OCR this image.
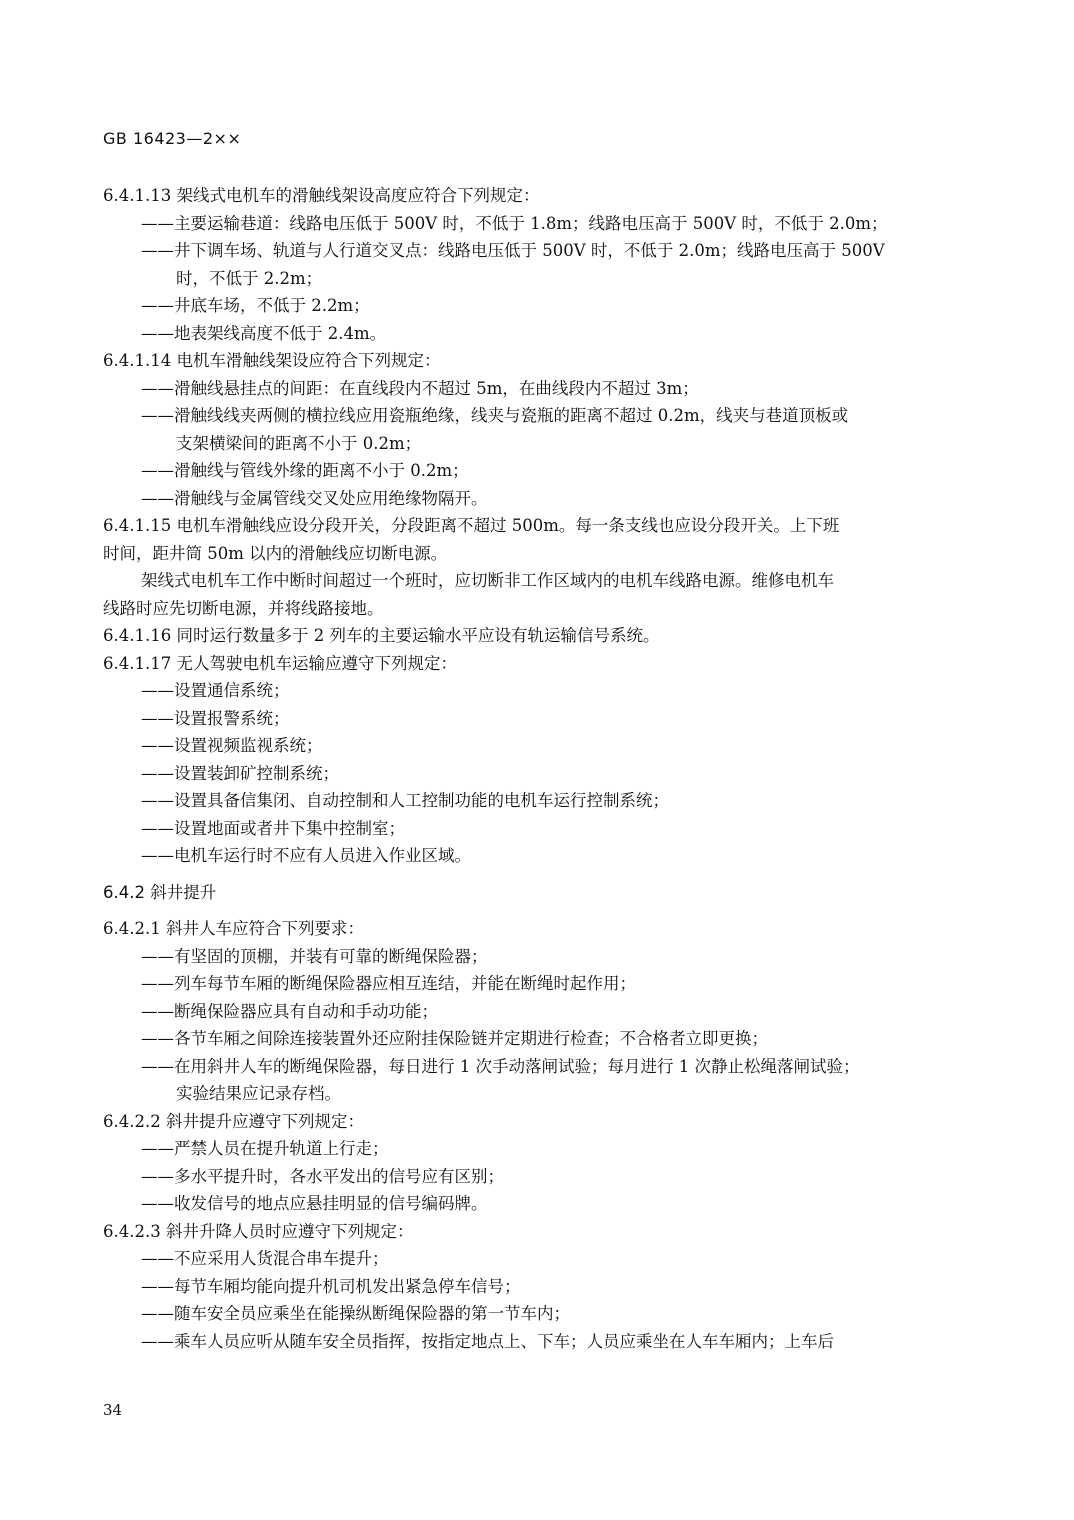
GB 16423—2××
6.4.1.13 架线式电机车的滑触线架设高度应符合下列规定：
——主要运输巷道：线路电压低于 500V 时，不低于 1.8m；线路电压高于 500V 时，不低于 2.0m；
——井下调车场、轨道与人行道交叉点：线路电压低于 500V 时，不低于 2.0m；线路电压高于 500V
时，不低于 2.2m；
——井底车场，不低于 2.2m；
——地表架线高度不低于 2.4m。
6.4.1.14 电机车滑触线架设应符合下列规定：
——滑触线悬挂点的间距：在直线段内不超过 5m，在曲线段内不超过 3m；
——滑触线线夹两侧的横拉线应用瓷瓶绝缘，线夹与瓷瓶的距离不超过 0.2m，线夹与巷道顶板或
支架横梁间的距离不小于 0.2m；
——滑触线与管线外缘的距离不小于 0.2m；
——滑触线与金属管线交叉处应用绝缘物隔开。
6.4.1.15 电机车滑触线应设分段开关，分段距离不超过 500m。每一条支线也应设分段开关。上下班
时间，距井筒 50m 以内的滑触线应切断电源。
架线式电机车工作中断时间超过一个班时，应切断非工作区域内的电机车线路电源。维修电机车
线路时应先切断电源，并将线路接地。
6.4.1.16 同时运行数量多于 2 列车的主要运输水平应设有轨运输信号系统。
6.4.1.17 无人驾驶电机车运输应遵守下列规定：
——设置通信系统；
——设置报警系统；
——设置视频监视系统；
——设置装卸矿控制系统；
——设置具备信集闭、自动控制和人工控制功能的电机车运行控制系统；
——设置地面或者井下集中控制室；
——电机车运行时不应有人员进入作业区域。
6.4.2 斜井提升
6.4.2.1 斜井人车应符合下列要求：
——有坚固的顶棚，并装有可靠的断绳保险器；
——列车每节车厢的断绳保险器应相互连结，并能在断绳时起作用；
——断绳保险器应具有自动和手动功能；
——各节车厢之间除连接装置外还应附挂保险链并定期进行检查；不合格者立即更换；
——在用斜井人车的断绳保险器，每日进行 1 次手动落闸试验；每月进行 1 次静止松绳落闸试验；
实验结果应记录存档。
6.4.2.2 斜井提升应遵守下列规定：
——严禁人员在提升轨道上行走；
——多水平提升时，各水平发出的信号应有区别；
——收发信号的地点应悬挂明显的信号编码牌。
6.4.2.3 斜井升降人员时应遵守下列规定：
——不应采用人货混合串车提升；
——每节车厢均能向提升机司机发出紧急停车信号；
——随车安全员应乘坐在能操纵断绳保险器的第一节车内；
——乘车人员应听从随车安全员指挥，按指定地点上、下车；人员应乘坐在人车车厢内；上车后
34
